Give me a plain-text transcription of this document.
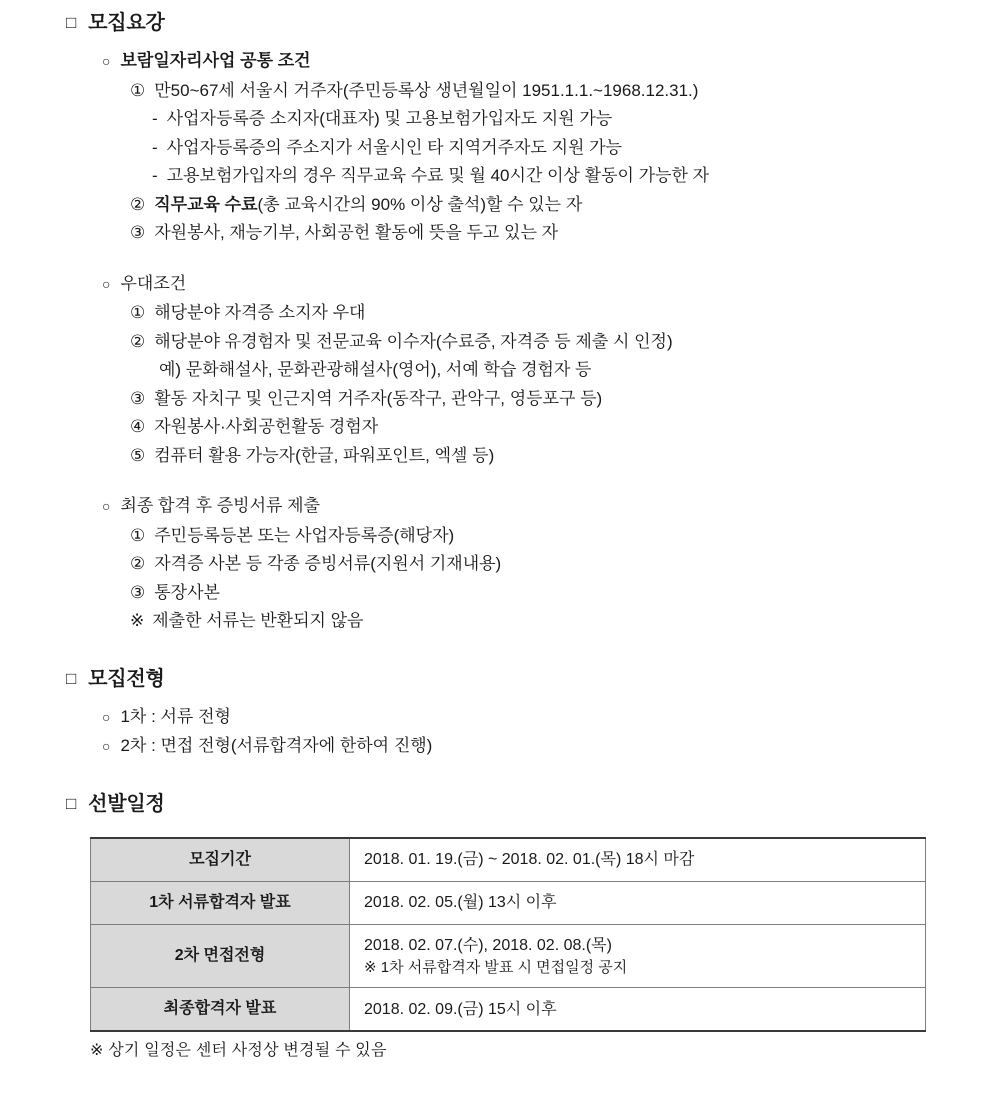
□ 모집요강
○ 보람일자리사업 공통 조건
① 만50~67세 서울시 거주자(주민등록상 생년월일이 1951.1.1.~1968.12.31.)
- 사업자등록증 소지자(대표자) 및 고용보험가입자도 지원 가능
- 사업자등록증의 주소지가 서울시인 타 지역거주자도 지원 가능
- 고용보험가입자의 경우 직무교육 수료 및 월 40시간 이상 활동이 가능한 자
② 직무교육 수료(총 교육시간의 90% 이상 출석)할 수 있는 자
③ 자원봉사, 재능기부, 사회공헌 활동에 뜻을 두고 있는 자
○ 우대조건
① 해당분야 자격증 소지자 우대
② 해당분야 유경험자 및 전문교육 이수자(수료증, 자격증 등 제출 시 인정)
예) 문화해설사, 문화관광해설사(영어), 서예 학습 경험자 등
③ 활동 자치구 및 인근지역 거주자(동작구, 관악구, 영등포구 등)
④ 자원봉사·사회공헌활동 경험자
⑤ 컴퓨터 활용 가능자(한글, 파워포인트, 엑셀 등)
○ 최종 합격 후 증빙서류 제출
① 주민등록등본 또는 사업자등록증(해당자)
② 자격증 사본 등 각종 증빙서류(지원서 기재내용)
③ 통장사본
※ 제출한 서류는 반환되지 않음
□ 모집전형
○ 1차 : 서류 전형
○ 2차 : 면접 전형(서류합격자에 한하여 진행)
□ 선발일정
모집기간	2018. 01. 19.(금) ~ 2018. 02. 01.(목) 18시 마감
1차 서류합격자 발표	2018. 02. 05.(월) 13시 이후
2차 면접전형	2018. 02. 07.(수), 2018. 02. 08.(목)
※ 1차 서류합격자 발표 시 면접일정 공지

최종합격자 발표	2018. 02. 09.(금) 15시 이후
※ 상기 일정은 센터 사정상 변경될 수 있음
